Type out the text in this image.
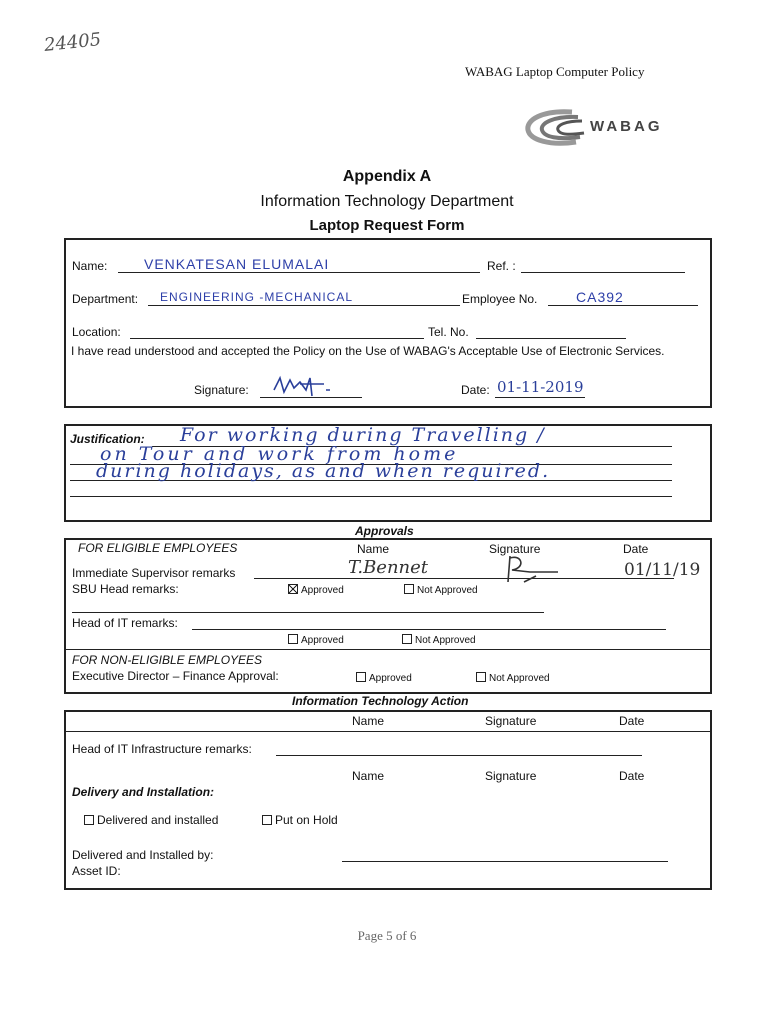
24405
WABAG Laptop Computer Policy
WABAG
Appendix A
Information Technology Department
Laptop Request Form
Name:	VENKATESAN ELUMALAI	Ref. :
Department: ENGINEERING -MECHANICAL	Employee No.	CA392
Location:	Tel. No.
I have read understood and accepted the Policy on the Use of WABAG's Acceptable Use of Electronic Services.
Signature:	Date: 01-11-2019
Justification: For working during Travelling /
on Tour and work from home
during holidays, as and when required.
Approvals
FOR ELIGIBLE EMPLOYEES	Name	Signature	Date
Immediate Supervisor remarks	T.Bennet	01/11/19
SBU Head remarks:	Approved	Not Approved
Head of IT remarks:
Approved	Not Approved
FOR NON-ELIGIBLE EMPLOYEES
Executive Director – Finance Approval:	Approved	Not Approved
Information Technology Action
Name	Signature	Date
Head of IT Infrastructure remarks:
Name	Signature	Date
Delivery and Installation:
Delivered and installed	Put on Hold
Delivered and Installed by:
Asset ID:
Page 5 of 6
